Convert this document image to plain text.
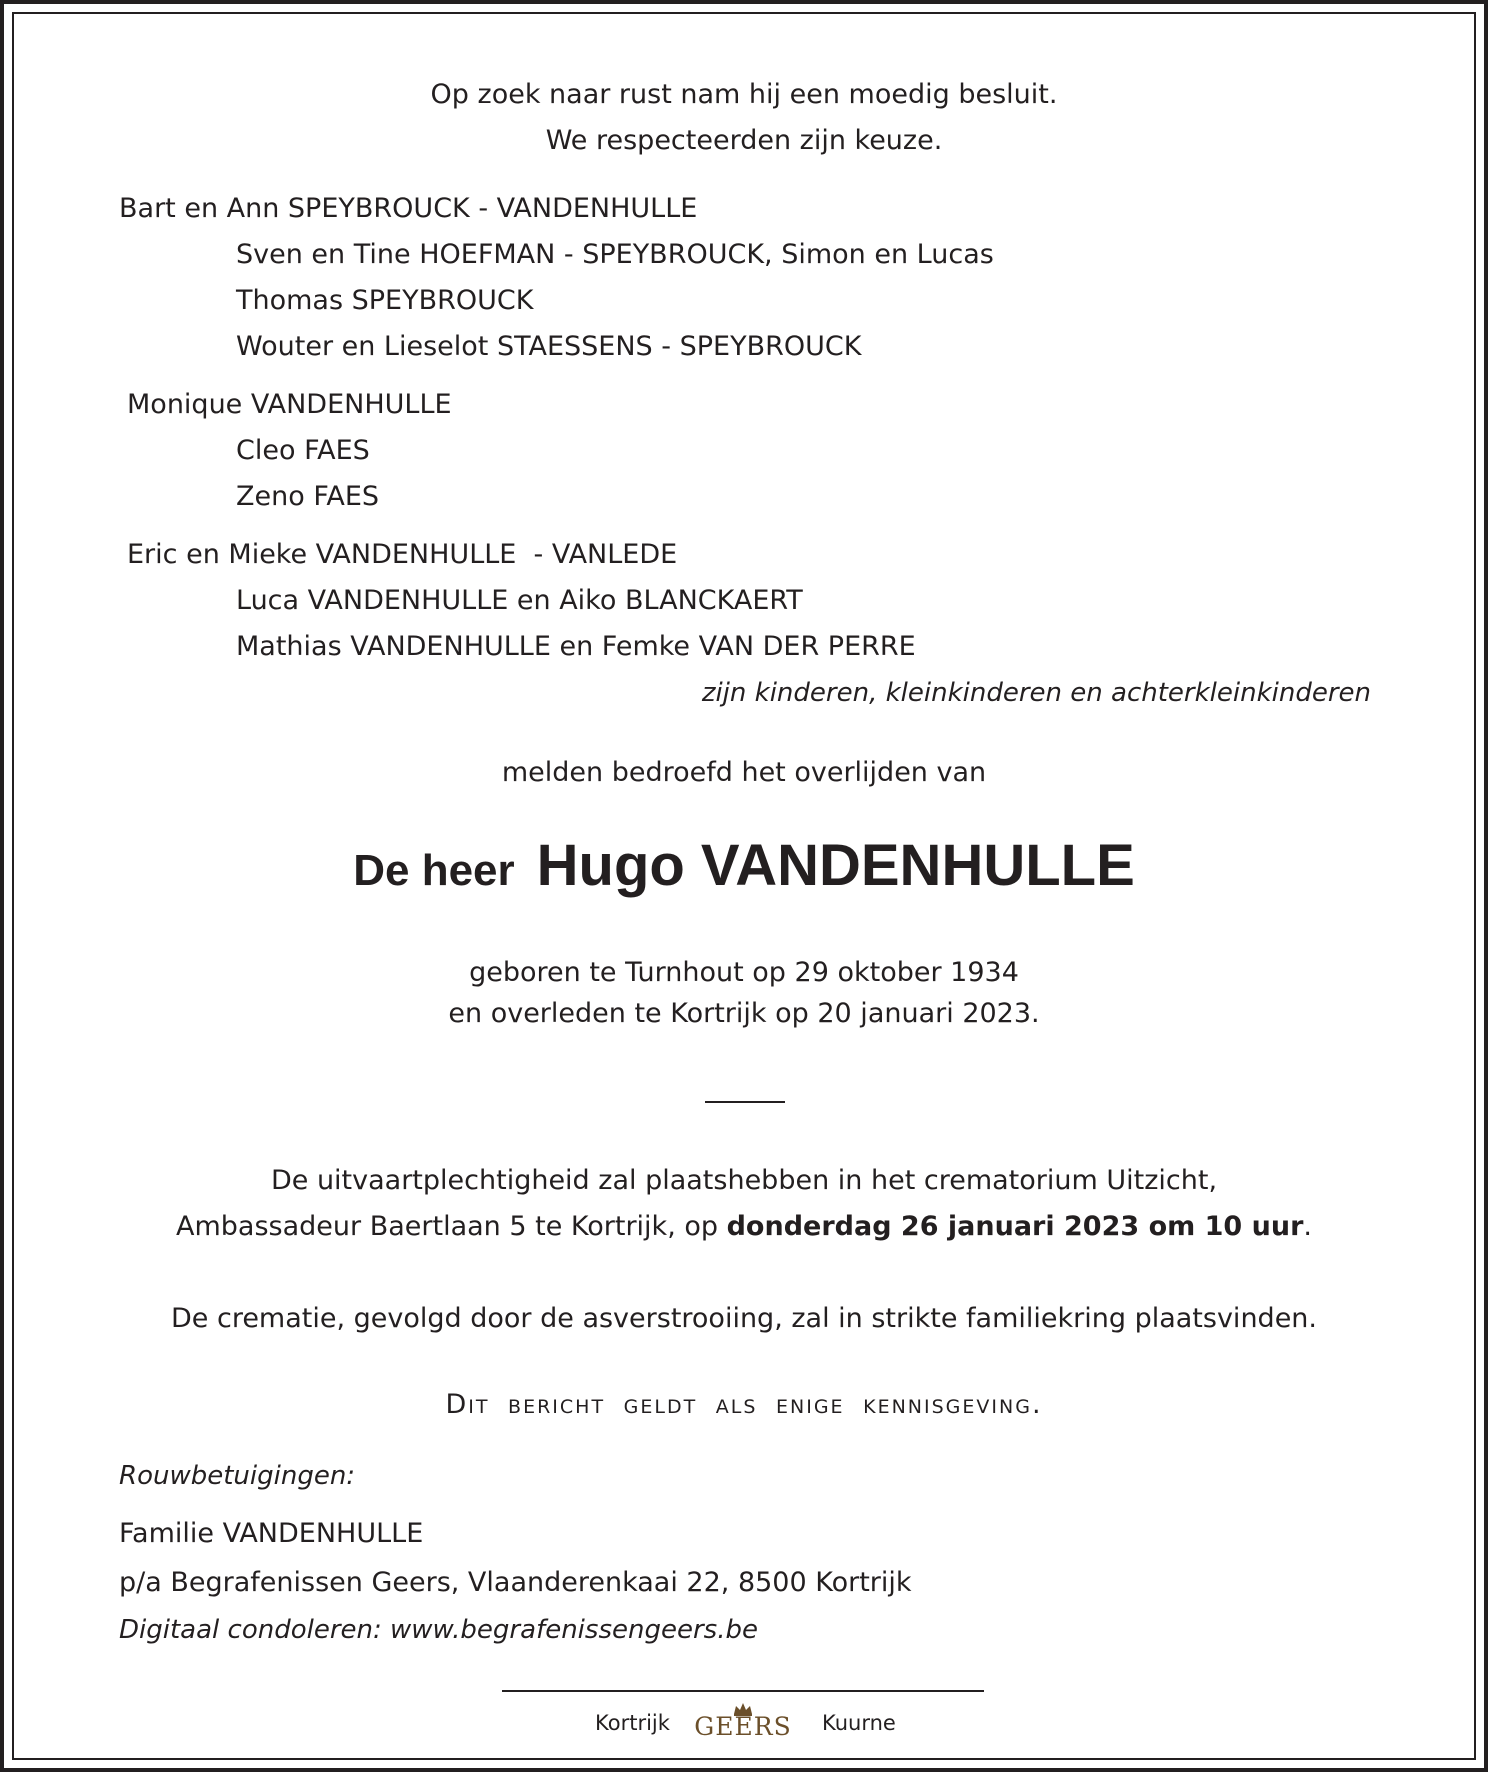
Op zoek naar rust nam hij een moedig besluit.
We respecteerden zijn keuze.
Bart en Ann SPEYBROUCK - VANDENHULLE
Sven en Tine HOEFMAN - SPEYBROUCK, Simon en Lucas
Thomas SPEYBROUCK
Wouter en Lieselot STAESSENS - SPEYBROUCK
Monique VANDENHULLE
Cleo FAES
Zeno FAES
Eric en Mieke VANDENHULLE  - VANLEDE
Luca VANDENHULLE en Aiko BLANCKAERT
Mathias VANDENHULLE en Femke VAN DER PERRE
zijn kinderen, kleinkinderen en achterkleinkinderen
melden bedroefd het overlijden van
De heer Hugo VANDENHULLE
geboren te Turnhout op 29 oktober 1934
en overleden te Kortrijk op 20 januari 2023.
De uitvaartplechtigheid zal plaatshebben in het crematorium Uitzicht,
Ambassadeur Baertlaan 5 te Kortrijk, op donderdag 26 januari 2023 om 10 uur.
De crematie, gevolgd door de asverstrooiing, zal in strikte familiekring plaatsvinden.
Dit bericht geldt als enige kennisgeving.
Rouwbetuigingen:
Familie VANDENHULLE
p/a Begrafenissen Geers, Vlaanderenkaai 22, 8500 Kortrijk
Digitaal condoleren: www.begrafenissengeers.be
Kortrijk GEERS Kuurne
